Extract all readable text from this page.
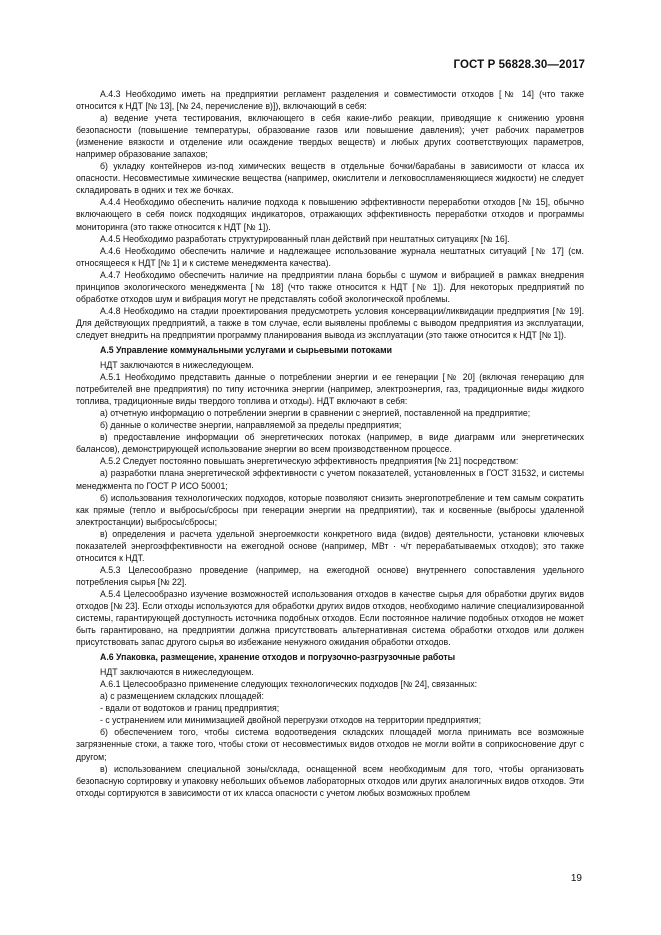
ГОСТ Р 56828.30—2017

А.4.3 Необходимо иметь на предприятии регламент разделения и совместимости отходов [№ 14] (что также относится к НДТ [№ 13], [№ 24, перечисление в)]), включающий в себя:

а) ведение учета тестирования, включающего в себя какие-либо реакции, приводящие к снижению уровня безопасности (повышение температуры, образование газов или повышение давления); учет рабочих параметров (изменение вязкости и отделение или осаждение твердых веществ) и любых других соответствующих параметров, например образование запахов;

б) укладку контейнеров из-под химических веществ в отдельные бочки/барабаны в зависимости от класса их опасности. Несовместимые химические вещества (например, окислители и легковоспламеняющиеся жидкости) не следует складировать в одних и тех же бочках.

А.4.4 Необходимо обеспечить наличие подхода к повышению эффективности переработки отходов [№ 15], обычно включающего в себя поиск подходящих индикаторов, отражающих эффективность переработки отходов и программы мониторинга (это также относится к НДТ [№ 1]).

А.4.5 Необходимо разработать структурированный план действий при нештатных ситуациях [№ 16].

А.4.6 Необходимо обеспечить наличие и надлежащее использование журнала нештатных ситуаций [№ 17] (см. относящееся к НДТ [№ 1] и к системе менеджмента качества).

А.4.7 Необходимо обеспечить наличие на предприятии плана борьбы с шумом и вибрацией в рамках внедрения принципов экологического менеджмента [№ 18] (что также относится к НДТ [№ 1]). Для некоторых предприятий по обработке отходов шум и вибрация могут не представлять собой экологической проблемы.

А.4.8 Необходимо на стадии проектирования предусмотреть условия консервации/ликвидации предприятия [№ 19]. Для действующих предприятий, а также в том случае, если выявлены проблемы с выводом предприятия из эксплуатации, следует внедрить на предприятии программу планирования вывода из эксплуатации (это также относится к НДТ [№ 1]).

А.5 Управление коммунальными услугами и сырьевыми потоками

НДТ заключаются в нижеследующем.

А.5.1 Необходимо представить данные о потреблении энергии и ее генерации [№ 20] (включая генерацию для потребителей вне предприятия) по типу источника энергии (например, электроэнергия, газ, традиционные виды жидкого топлива, традиционные виды твердого топлива и отходы). НДТ включают в себя:

а) отчетную информацию о потреблении энергии в сравнении с энергией, поставленной на предприятие;

б) данные о количестве энергии, направляемой за пределы предприятия;

в) предоставление информации об энергетических потоках (например, в виде диаграмм или энергетических балансов), демонстрирующей использование энергии во всем производственном процессе.

А.5.2 Следует постоянно повышать энергетическую эффективность предприятия [№ 21] посредством:

а) разработки плана энергетической эффективности с учетом показателей, установленных в ГОСТ 31532, и системы менеджмента по ГОСТ Р ИСО 50001;

б) использования технологических подходов, которые позволяют снизить энергопотребление и тем самым сократить как прямые (тепло и выбросы/сбросы при генерации энергии на предприятии), так и косвенные (выбросы удаленной электростанции) выбросы/сбросы;

в) определения и расчета удельной энергоемкости конкретного вида (видов) деятельности, установки ключевых показателей энергоэффективности на ежегодной основе (например, МВт · ч/т перерабатываемых отходов); это также относится к НДТ.

А.5.3 Целесообразно проведение (например, на ежегодной основе) внутреннего сопоставления удельного потребления сырья [№ 22].

А.5.4 Целесообразно изучение возможностей использования отходов в качестве сырья для обработки других видов отходов [№ 23]. Если отходы используются для обработки других видов отходов, необходимо наличие специализированной системы, гарантирующей доступность источника подобных отходов. Если постоянное наличие подобных отходов не может быть гарантировано, на предприятии должна присутствовать альтернативная система обработки отходов или должен присутствовать запас другого сырья во избежание ненужного ожидания обработки отходов.

А.6 Упаковка, размещение, хранение отходов и погрузочно-разгрузочные работы

НДТ заключаются в нижеследующем.

А.6.1 Целесообразно применение следующих технологических подходов [№ 24], связанных:

а) с размещением складских площадей:

- вдали от водотоков и границ предприятия;

- с устранением или минимизацией двойной перегрузки отходов на территории предприятия;

б) обеспечением того, чтобы система водоотведения складских площадей могла принимать все возможные загрязненные стоки, а также того, чтобы стоки от несовместимых видов отходов не могли войти в соприкосновение друг с другом;

в) использованием специальной зоны/склада, оснащенной всем необходимым для того, чтобы организовать безопасную сортировку и упаковку небольших объемов лабораторных отходов или других аналогичных видов отходов. Эти отходы сортируются в зависимости от их класса опасности с учетом любых возможных проблем

19
